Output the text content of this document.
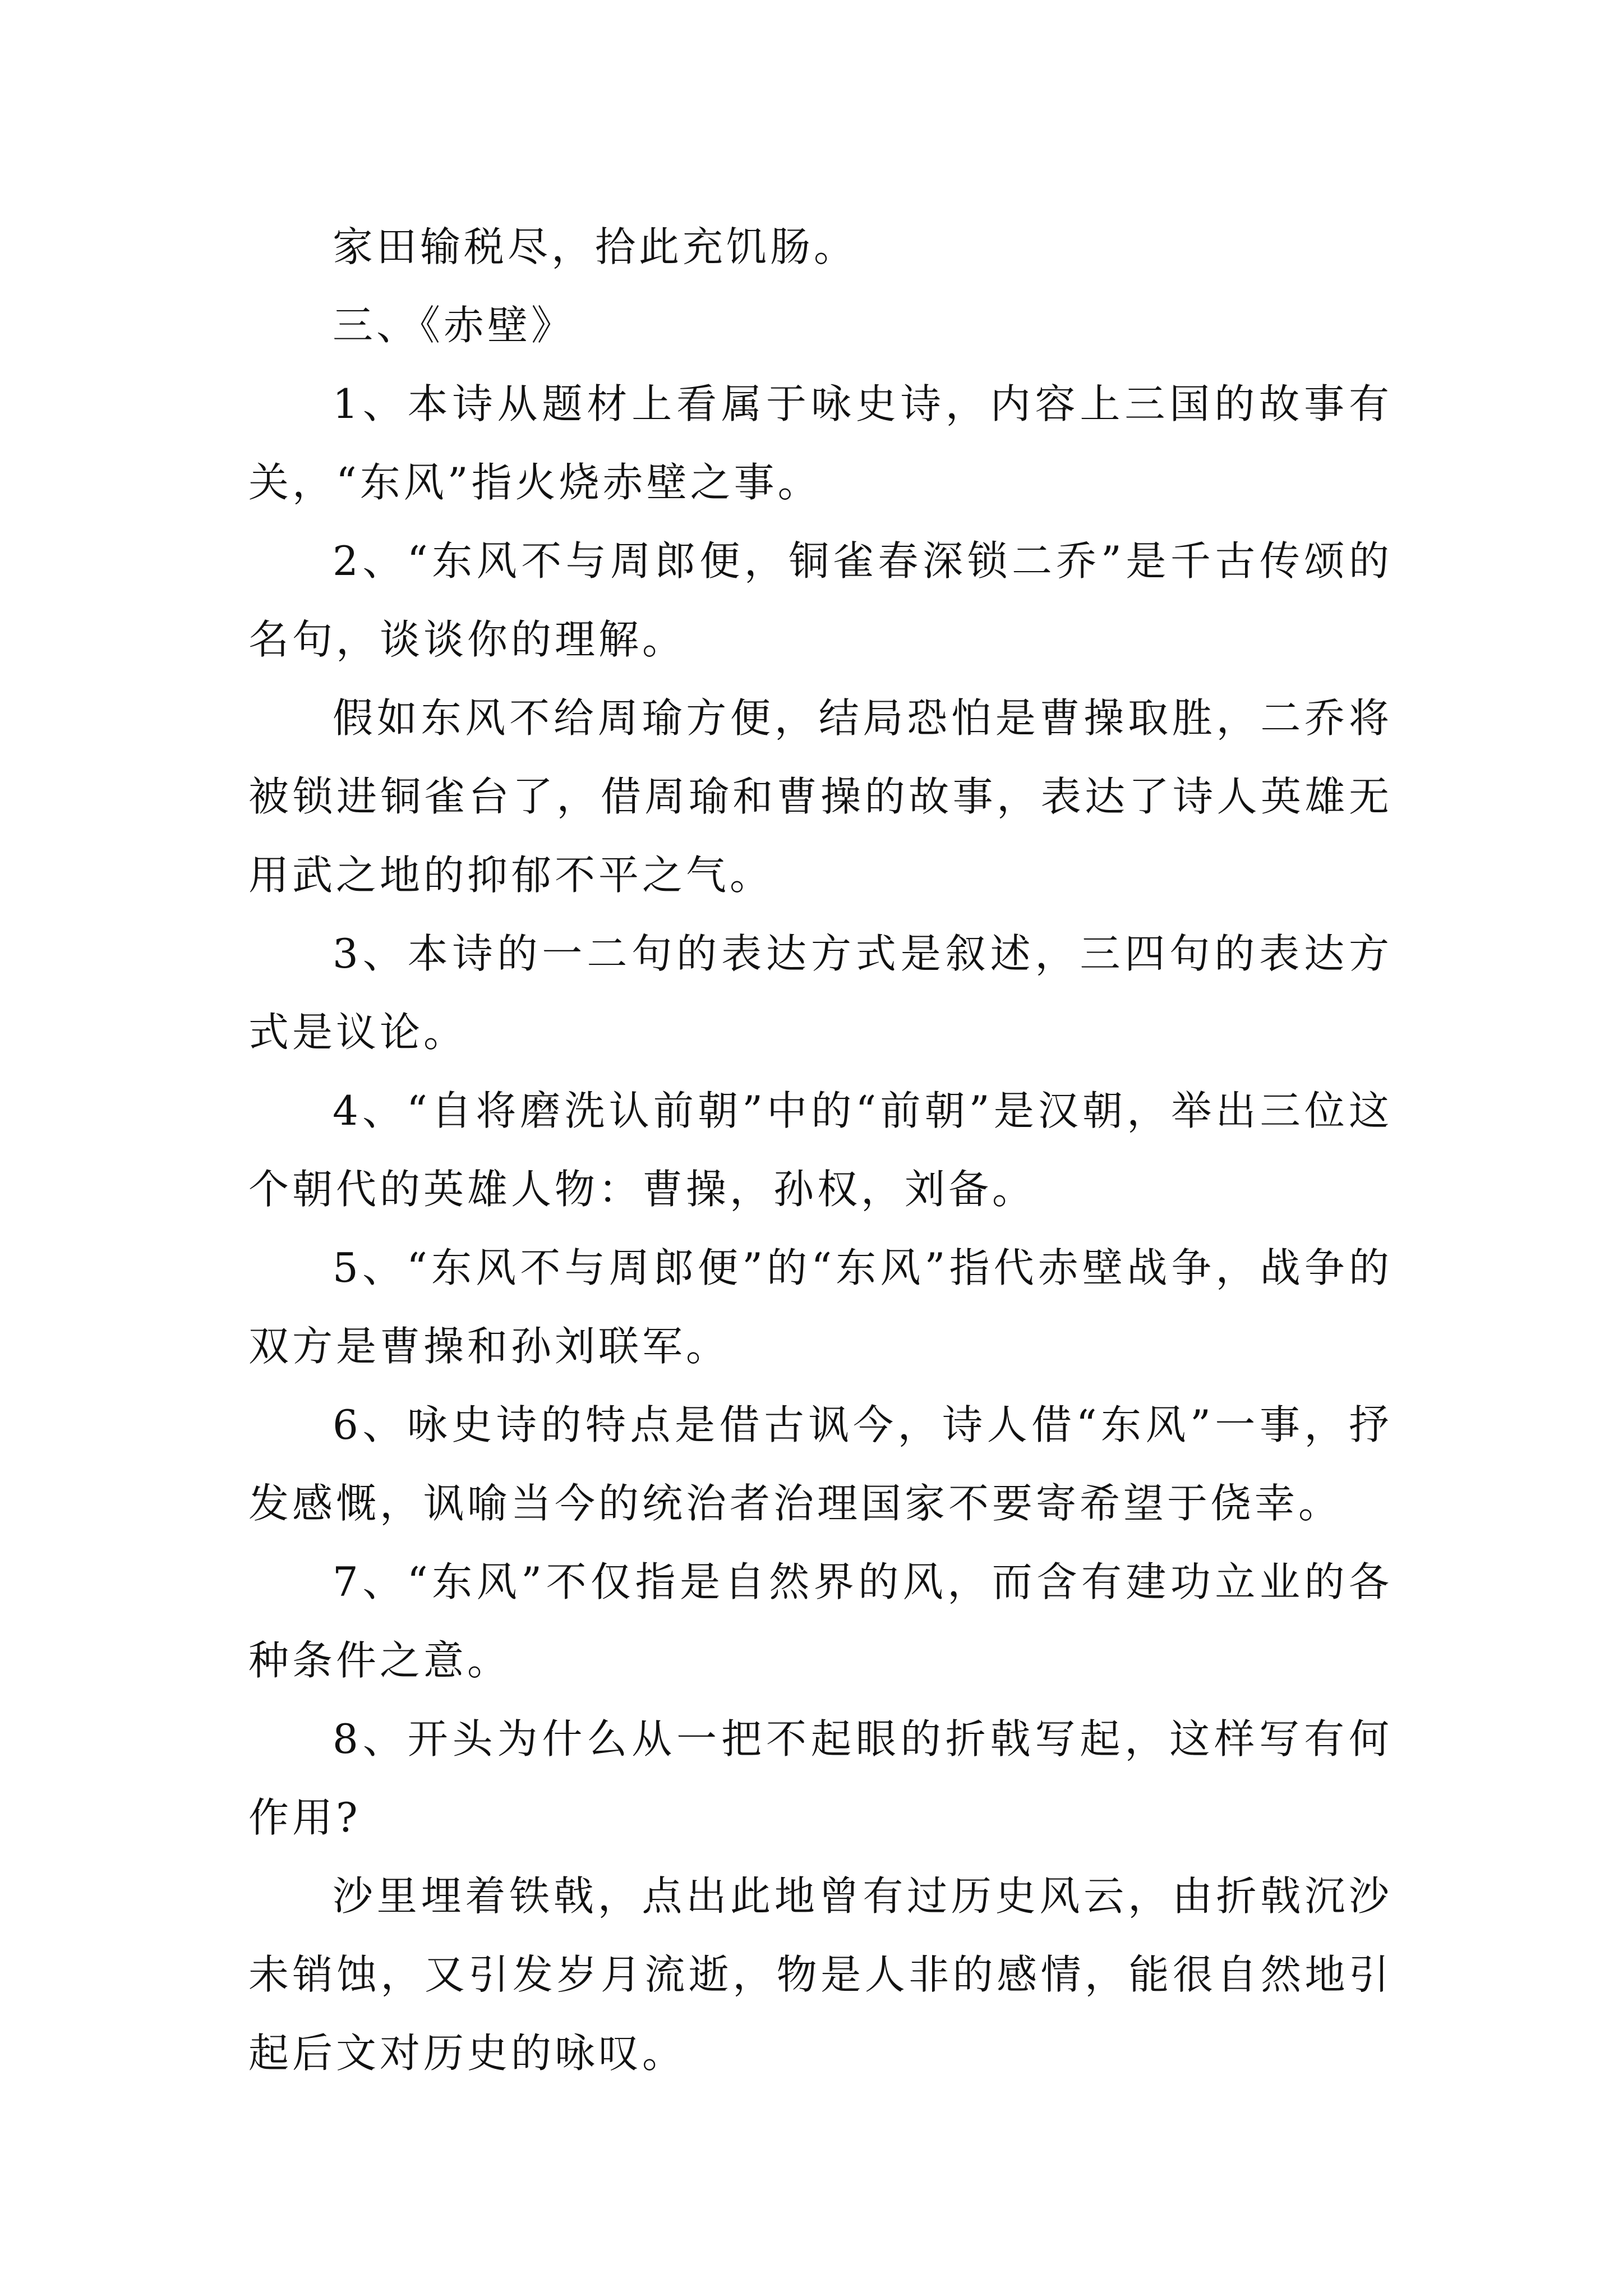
家田输税尽，拾此充饥肠。

三、《赤壁》

1、本诗从题材上看属于咏史诗，内容上三国的故事有关，“东风”指火烧赤壁之事。

2、“东风不与周郎便，铜雀春深锁二乔”是千古传颂的名句，谈谈你的理解。

假如东风不给周瑜方便，结局恐怕是曹操取胜，二乔将被锁进铜雀台了，借周瑜和曹操的故事，表达了诗人英雄无用武之地的抑郁不平之气。

3、本诗的一二句的表达方式是叙述，三四句的表达方式是议论。

4、“自将磨洗认前朝”中的“前朝”是汉朝，举出三位这个朝代的英雄人物：曹操，孙权，刘备。

5、“东风不与周郎便”的“东风”指代赤壁战争，战争的双方是曹操和孙刘联军。

6、咏史诗的特点是借古讽今，诗人借“东风”一事，抒发感慨，讽喻当今的统治者治理国家不要寄希望于侥幸。

7、“东风”不仅指是自然界的风，而含有建功立业的各种条件之意。

8、开头为什么从一把不起眼的折戟写起，这样写有何作用?

沙里埋着铁戟，点出此地曾有过历史风云，由折戟沉沙未销蚀，又引发岁月流逝，物是人非的感情，能很自然地引起后文对历史的咏叹。
